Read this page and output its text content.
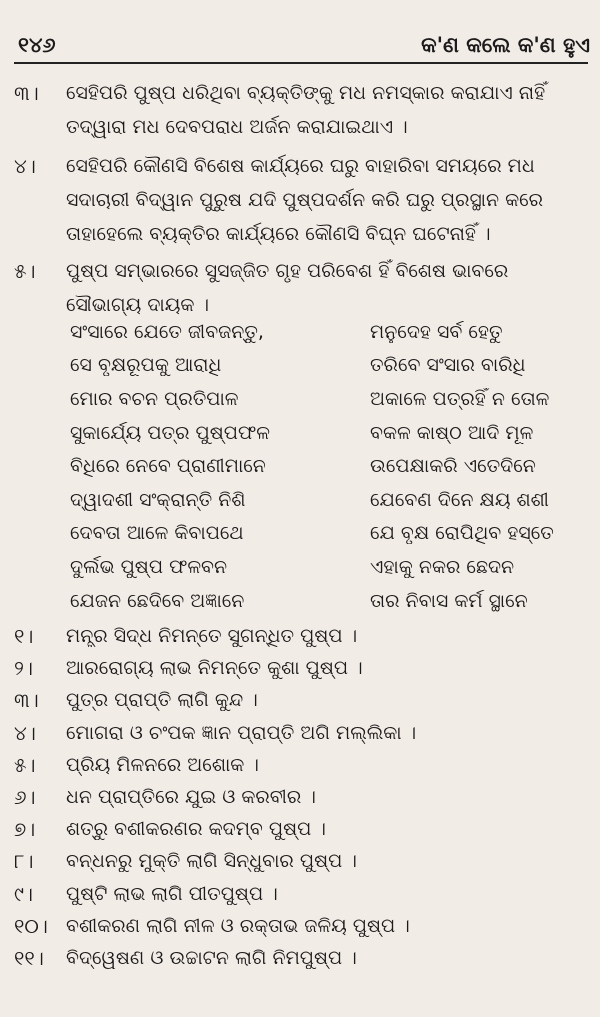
୧୪୬	କ'ଣ କଲେ କ'ଣ ହୁଏ
୩।	ସେହିପରି ପୁଷ୍ପ ଧରିଥିବା ବ୍ୟକ୍ତିଙ୍କୁ ମଧ ନମସ୍କାର କରାଯାଏ ନାହିଁ ତଦ୍ୱାରା ମଧ ଦେବପରାଧ ଅର୍ଜନ କରାଯାଇଥାଏ ।
୪।	ସେହିପରି କୌଣସି ବିଶେଷ କାର୍ଯ୍ୟରେ ଘରୁ ବାହାରିବା ସମୟରେ ମଧ ସଦାଚାରୀ ବିଦ୍ୱାନ ପୁରୁଷ ଯଦି ପୁଷ୍ପଦର୍ଶନ କରି ଘରୁ ପ୍ରସ୍ଥାନ କରେ ତାହାହେଲେ ବ୍ୟକ୍ତିର କାର୍ଯ୍ୟରେ କୌଣସି ବିଘ୍ନ ଘଟେନାହିଁ ।
୫।	ପୁଷ୍ପ ସମ୍ଭାରରେ ସୁସଜ୍ଜିତ ଗୃହ ପରିବେଶ ହିଁ ବିଶେଷ ଭାବରେ ସୌଭାଗ୍ୟ ଦାୟକ ।
ସଂସାରେ ଯେତେ ଜୀବଜନ୍ତୁ,	ମନୁଦେହ ସର୍ବ ହେତୁ
ସେ ବୃକ୍ଷରୂପକୁ ଆରାଧି	ତରିବେ ସଂସାର ବାରିଧି
ମୋର ବଚନ ପ୍ରତିପାଳ	ଅକାଳେ ପତ୍ରହିଁ ନ ତୋଳ
ସୁକାର୍ଯ୍ୟେ ପତ୍ର ପୁଷ୍ପଫଳ	ବକଳ କାଷ୍ଠ ଆଦି ମୂଳ
ବିଧିରେ ନେବେ ପ୍ରାଣୀମାନେ	ଉପେକ୍ଷାକରି ଏତେଦିନେ
ଦ୍ୱାଦଶୀ ସଂକ୍ରାନ୍ତି ନିଶି	ଯେବେଣ ଦିନେ କ୍ଷୟ ଶଶୀ
ଦେବତା ଆଳେ କିବାପଥେ	ଯେ ବୃକ୍ଷ ରୋପିଥିବ ହସ୍ତେ
ଦୁର୍ଲଭ ପୁଷ୍ପ ଫଳବନ	ଏହାକୁ ନକର ଛେଦନ
ଯେଜନ ଛେଦିବେ ଅଜ୍ଞାନେ	ତାର ନିବାସ କର୍ମ ସ୍ଥାନେ
୧।	ମନ୍ତ୍ର ସିଦ୍ଧ ନିମନ୍ତେ ସୁଗନ୍ଧିତ ପୁଷ୍ପ ।
୨।	ଆରରୋଗ୍ୟ ଲାଭ ନିମନ୍ତେ କୁଶା ପୁଷ୍ପ ।
୩।	ପୁତ୍ର ପ୍ରାପ୍ତି ଲାଗି କୁନ୍ଦ ।
୪।	ମୋଗରା ଓ ଚଂପକ ଜ୍ଞାନ ପ୍ରାପ୍ତି ଅଗି ମଲ୍ଲିକା ।
୫।	ପ୍ରିୟ ମିଳନରେ ଅଶୋକ ।
୬।	ଧନ ପ୍ରାପ୍ତିରେ ଯୁଇ ଓ କରବୀର ।
୭।	ଶତ୍ରୁ ବଶୀକରଣର କଦମ୍ବ ପୁଷ୍ପ ।
୮।	ବନ୍ଧନରୁ ମୁକ୍ତି ଲାଗି ସିନ୍ଧୁବାର ପୁଷ୍ପ ।
୯।	ପୁଷ୍ଟି ଲାଭ ଲାଗି ପୀତପୁଷ୍ପ ।
୧୦। ବଶୀକରଣ ଲାଗି ନୀଳ ଓ ରକ୍ତାଭ ଜଳିୟ ପୁଷ୍ପ ।
୧୧।	ବିଦ୍ୱେଷଣ ଓ ଉଚ୍ଚାଟନ ଲାଗି ନିମପୁଷ୍ପ ।
